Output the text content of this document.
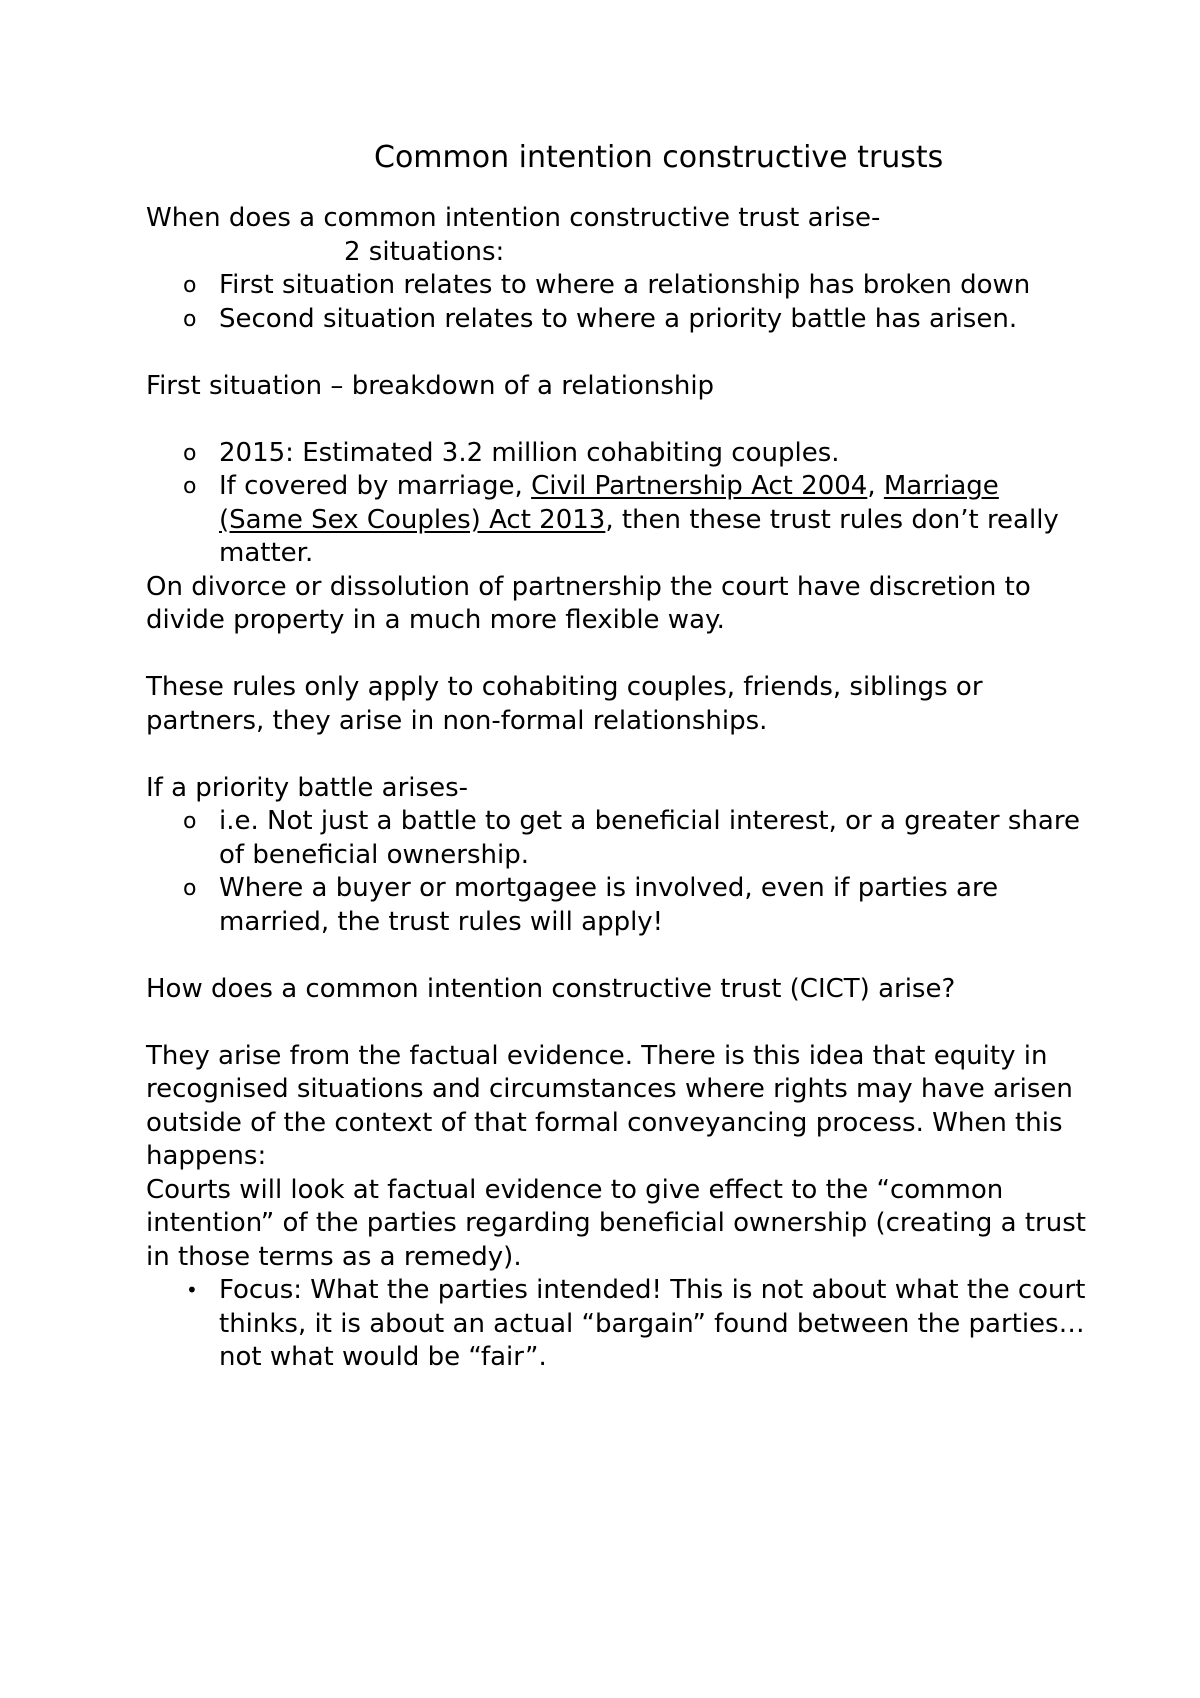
Common intention constructive trusts

When does a common intention constructive trust arise-

2 situations:

o First situation relates to where a relationship has broken down
o Second situation relates to where a priority battle has arisen.

First situation – breakdown of a relationship

o 2015: Estimated 3.2 million cohabiting couples.
o If covered by marriage, Civil Partnership Act 2004, Marriage (Same Sex Couples) Act 2013, then these trust rules don’t really matter.

On divorce or dissolution of partnership the court have discretion to divide property in a much more flexible way.

These rules only apply to cohabiting couples, friends, siblings or partners, they arise in non-formal relationships.

If a priority battle arises-

o i.e. Not just a battle to get a beneficial interest, or a greater share of beneficial ownership.
o Where a buyer or mortgagee is involved, even if parties are married, the trust rules will apply!

How does a common intention constructive trust (CICT) arise?

They arise from the factual evidence. There is this idea that equity in recognised situations and circumstances where rights may have arisen outside of the context of that formal conveyancing process. When this happens:

Courts will look at factual evidence to give effect to the “common intention” of the parties regarding beneficial ownership (creating a trust in those terms as a remedy).

• Focus: What the parties intended! This is not about what the court thinks, it is about an actual “bargain” found between the parties… not what would be “fair”.
